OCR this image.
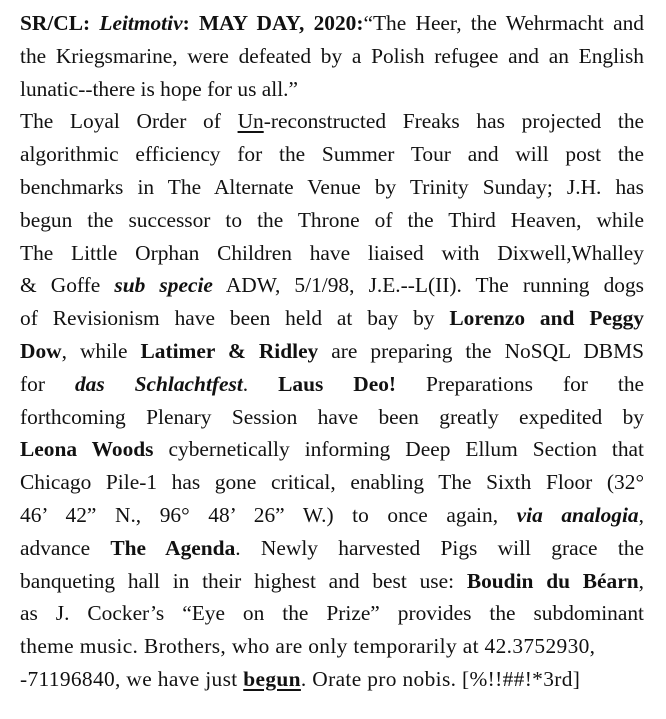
SR/CL: Leitmotiv: MAY DAY, 2020:“The Heer, the Wehrmacht and the Kriegsmarine, were defeated by a Polish refugee and an English lunatic--there is hope for us all.”
The Loyal Order of Un-reconstructed Freaks has projected the
algorithmic efficiency for the Summer Tour and will post the
benchmarks in The Alternate Venue by Trinity Sunday; J.H. has
begun the successor to the Throne of the Third Heaven, while
The Little Orphan Children have liaised with Dixwell,Whalley
& Goffe sub specie ADW, 5/1/98, J.E.--L(II). The running dogs
of Revisionism have been held at bay by Lorenzo and Peggy
Dow, while Latimer & Ridley are preparing the NoSQL DBMS
for das Schlachtfest. Laus Deo! Preparations for the
forthcoming Plenary Session have been greatly expedited by
Leona Woods cybernetically informing Deep Ellum Section that
Chicago Pile-1 has gone critical, enabling The Sixth Floor (32°
46’ 42” N., 96° 48’ 26” W.) to once again, via analogia,
advance The Agenda. Newly harvested Pigs will grace the
banqueting hall in their highest and best use: Boudin du Béarn,
as J. Cocker’s “Eye on the Prize” provides the subdominant
theme music. Brothers, who are only temporarily at 42.3752930,
-71196840, we have just begun. Orate pro nobis. [%!!##!*3rd]
